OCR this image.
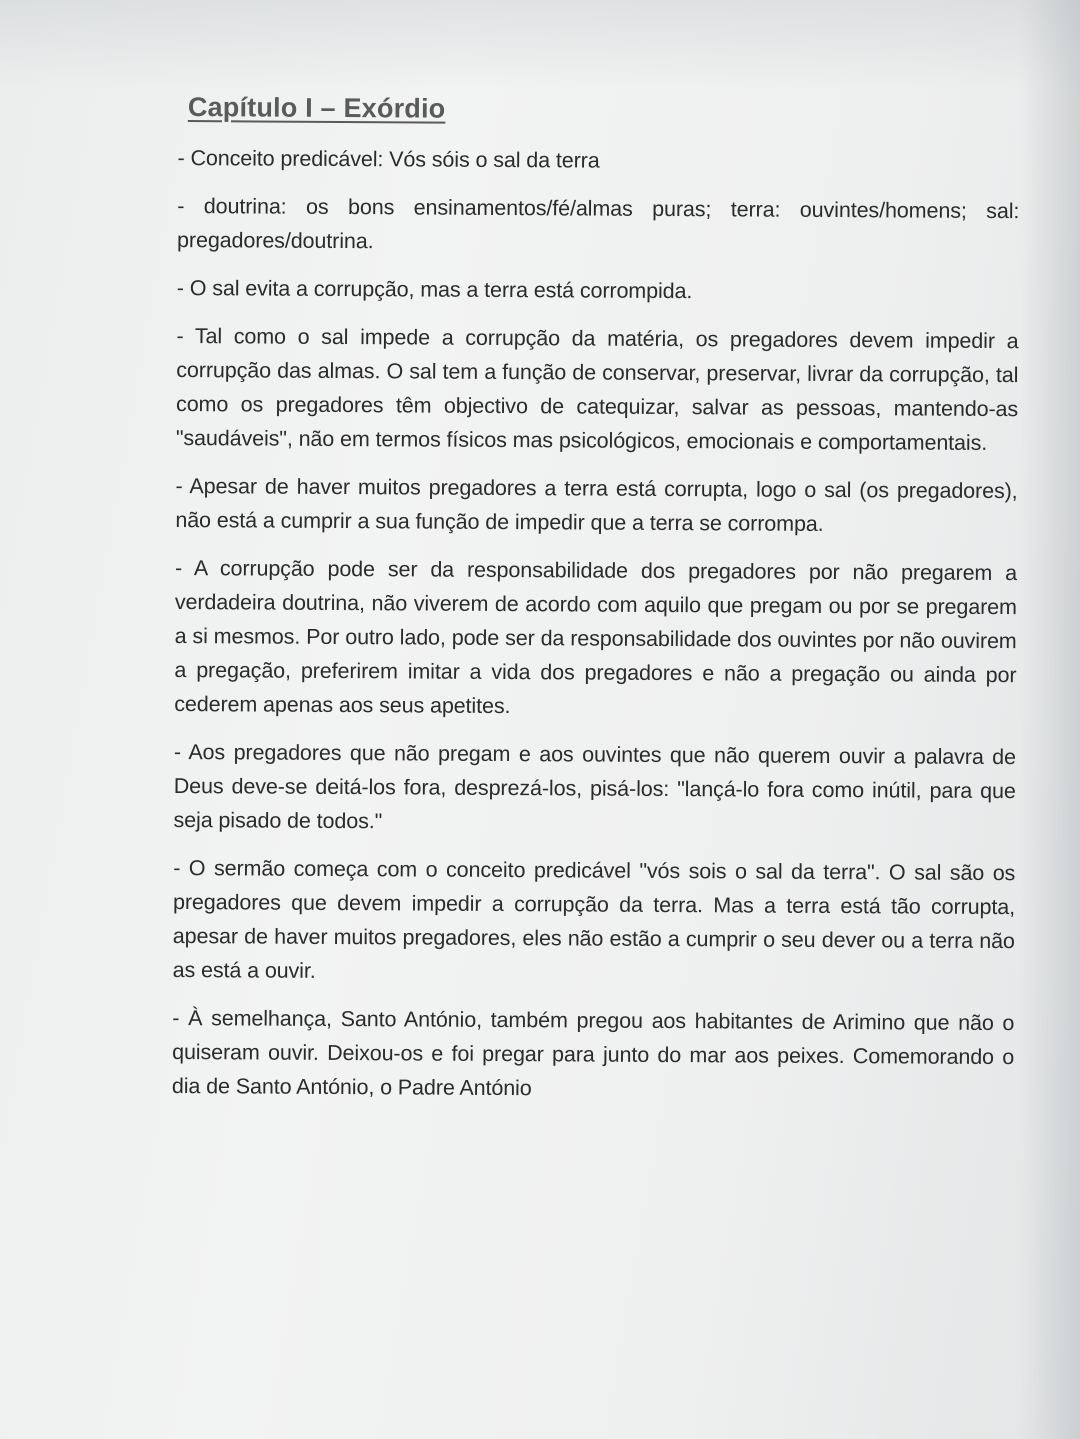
Capítulo I – Exórdio

- Conceito predicável: Vós sóis o sal da terra

- doutrina: os bons ensinamentos/fé/almas puras; terra: ouvintes/homens; sal: pregadores/doutrina.

- O sal evita a corrupção, mas a terra está corrompida.

- Tal como o sal impede a corrupção da matéria, os pregadores devem impedir a corrupção das almas. O sal tem a função de conservar, preservar, livrar da corrupção, tal como os pregadores têm objectivo de catequizar, salvar as pessoas, mantendo-as "saudáveis", não em termos físicos mas psicológicos, emocionais e comportamentais.

- Apesar de haver muitos pregadores a terra está corrupta, logo o sal (os pregadores), não está a cumprir a sua função de impedir que a terra se corrompa.

- A corrupção pode ser da responsabilidade dos pregadores por não pregarem a verdadeira doutrina, não viverem de acordo com aquilo que pregam ou por se pregarem a si mesmos. Por outro lado, pode ser da responsabilidade dos ouvintes por não ouvirem a pregação, preferirem imitar a vida dos pregadores e não a pregação ou ainda por cederem apenas aos seus apetites.

- Aos pregadores que não pregam e aos ouvintes que não querem ouvir a palavra de Deus deve-se deitá-los fora, desprezá-los, pisá-los: "lançá-lo fora como inútil, para que seja pisado de todos."

- O sermão começa com o conceito predicável "vós sois o sal da terra". O sal são os pregadores que devem impedir a corrupção da terra. Mas a terra está tão corrupta, apesar de haver muitos pregadores, eles não estão a cumprir o seu dever ou a terra não as está a ouvir.

- À semelhança, Santo António, também pregou aos habitantes de Arimino que não o quiseram ouvir. Deixou-os e foi pregar para junto do mar aos peixes. Comemorando o dia de Santo António, o Padre António
